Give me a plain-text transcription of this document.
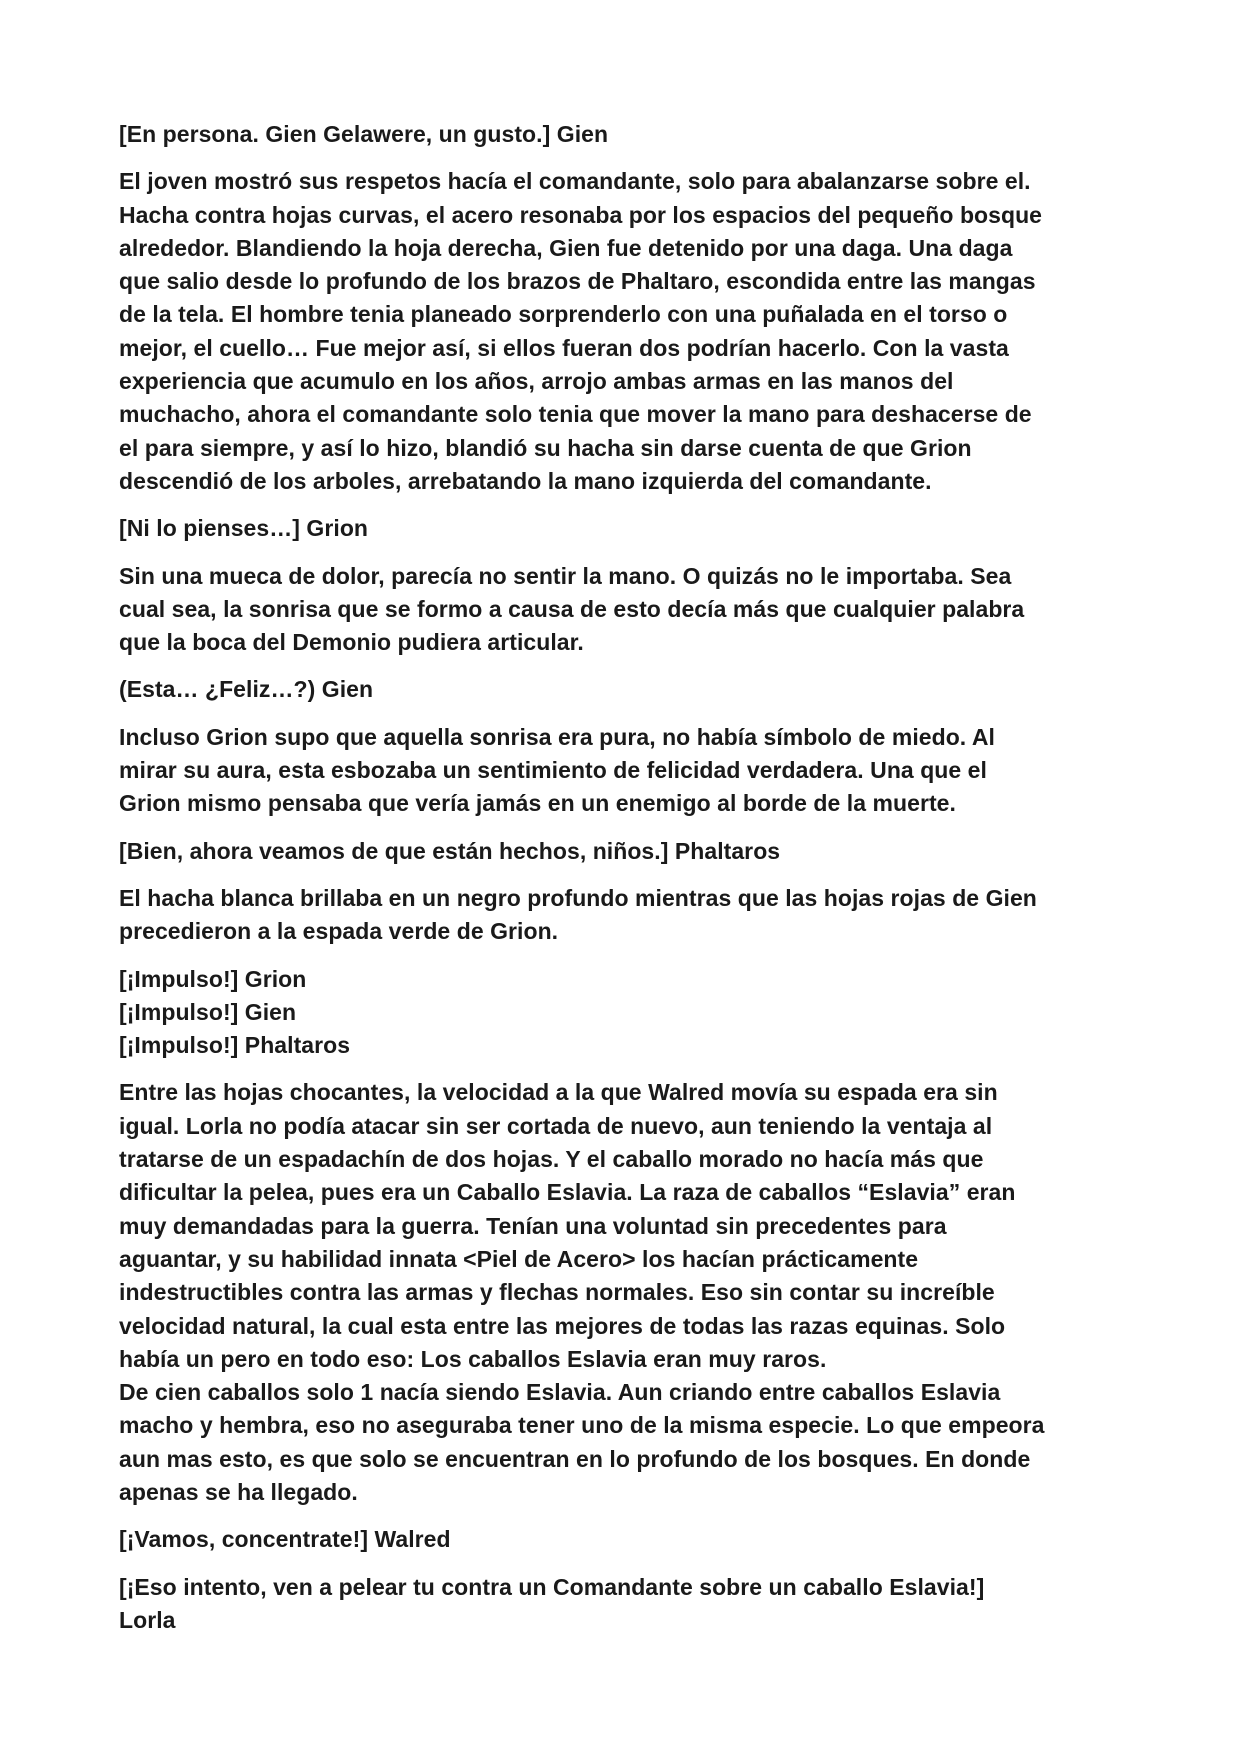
[En persona. Gien Gelawere, un gusto.] Gien

El joven mostró sus respetos hacía el comandante, solo para abalanzarse sobre el.
Hacha contra hojas curvas, el acero resonaba por los espacios del pequeño bosque
alrededor. Blandiendo la hoja derecha, Gien fue detenido por una daga. Una daga
que salio desde lo profundo de los brazos de Phaltaro, escondida entre las mangas
de la tela. El hombre tenia planeado sorprenderlo con una puñalada en el torso o
mejor, el cuello… Fue mejor así, si ellos fueran dos podrían hacerlo. Con la vasta
experiencia que acumulo en los años, arrojo ambas armas en las manos del
muchacho, ahora el comandante solo tenia que mover la mano para deshacerse de
el para siempre, y así lo hizo, blandió su hacha sin darse cuenta de que Grion
descendió de los arboles, arrebatando la mano izquierda del comandante.

[Ni lo pienses…] Grion

Sin una mueca de dolor, parecía no sentir la mano. O quizás no le importaba. Sea
cual sea, la sonrisa que se formo a causa de esto decía más que cualquier palabra
que la boca del Demonio pudiera articular.

(Esta… ¿Feliz…?) Gien

Incluso Grion supo que aquella sonrisa era pura, no había símbolo de miedo. Al
mirar su aura, esta esbozaba un sentimiento de felicidad verdadera. Una que el
Grion mismo pensaba que vería jamás en un enemigo al borde de la muerte.

[Bien, ahora veamos de que están hechos, niños.] Phaltaros

El hacha blanca brillaba en un negro profundo mientras que las hojas rojas de Gien
precedieron a la espada verde de Grion.

[¡Impulso!] Grion
[¡Impulso!] Gien
[¡Impulso!] Phaltaros

Entre las hojas chocantes, la velocidad a la que Walred movía su espada era sin
igual. Lorla no podía atacar sin ser cortada de nuevo, aun teniendo la ventaja al
tratarse de un espadachín de dos hojas. Y el caballo morado no hacía más que
dificultar la pelea, pues era un Caballo Eslavia. La raza de caballos “Eslavia” eran
muy demandadas para la guerra. Tenían una voluntad sin precedentes para
aguantar, y su habilidad innata <Piel de Acero> los hacían prácticamente
indestructibles contra las armas y flechas normales. Eso sin contar su increíble
velocidad natural, la cual esta entre las mejores de todas las razas equinas. Solo
había un pero en todo eso: Los caballos Eslavia eran muy raros.
De cien caballos solo 1 nacía siendo Eslavia. Aun criando entre caballos Eslavia
macho y hembra, eso no aseguraba tener uno de la misma especie. Lo que empeora
aun mas esto, es que solo se encuentran en lo profundo de los bosques. En donde
apenas se ha llegado.

[¡Vamos, concentrate!] Walred

[¡Eso intento, ven a pelear tu contra un Comandante sobre un caballo Eslavia!]
Lorla
